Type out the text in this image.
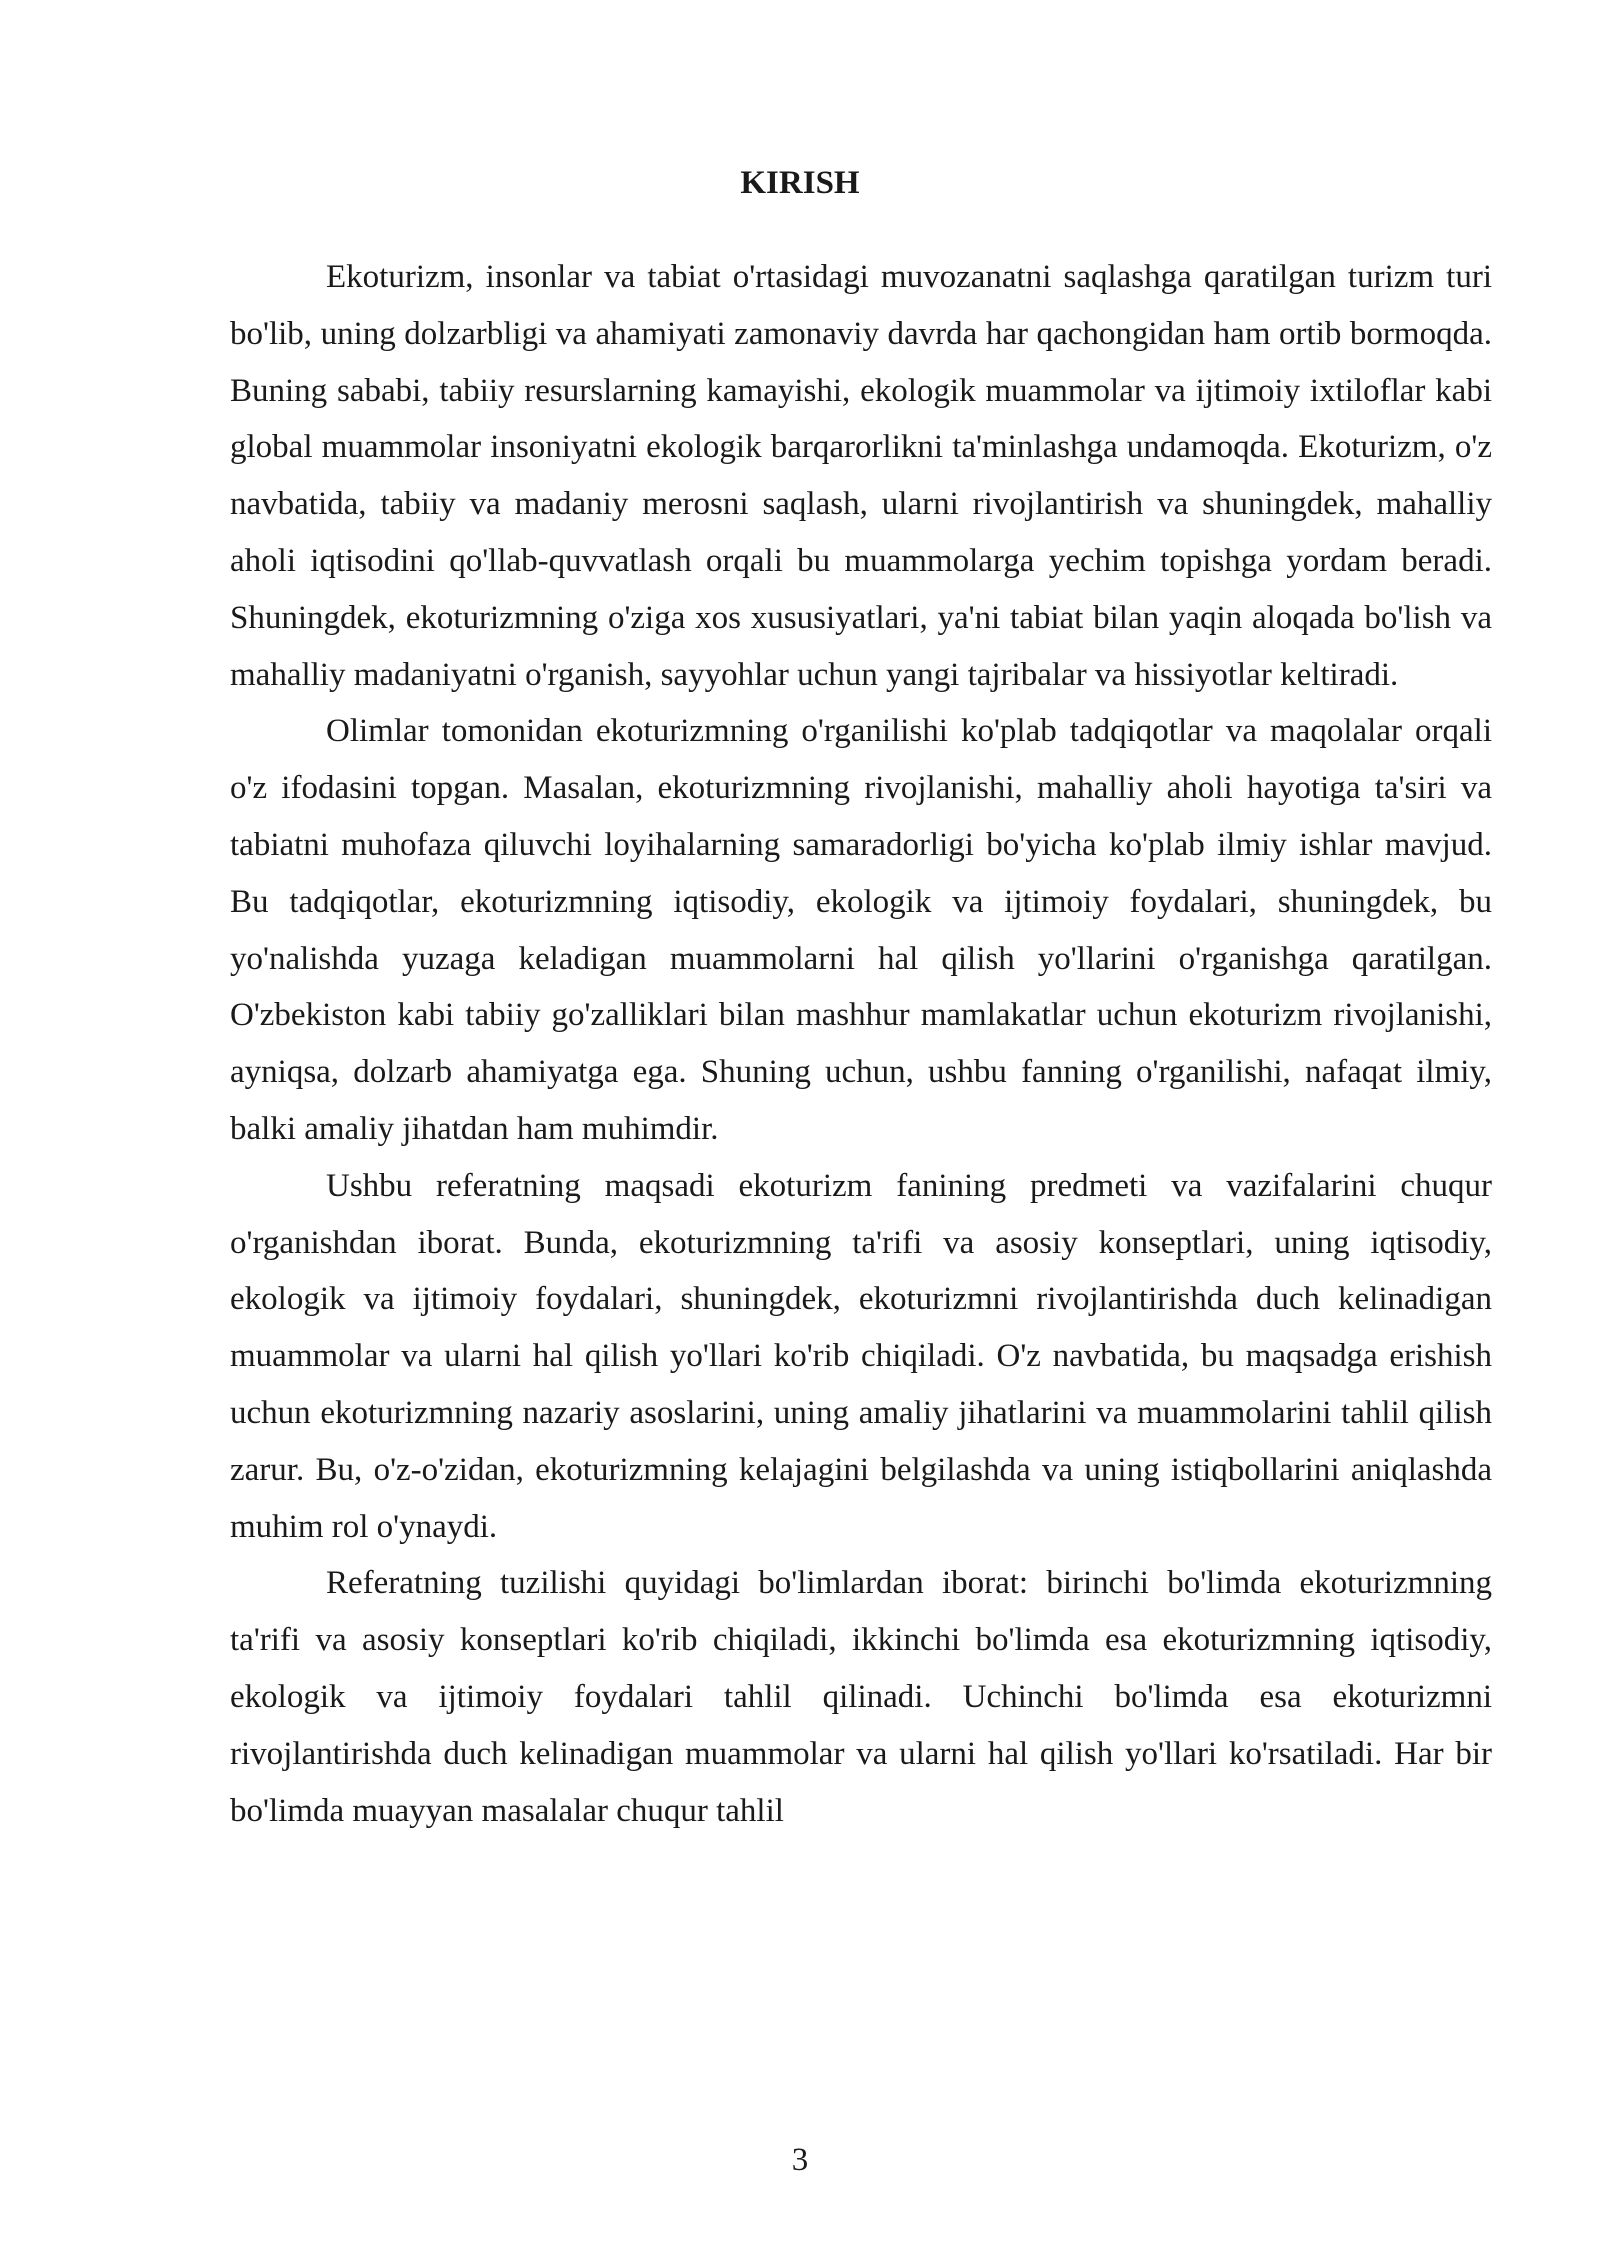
KIRISH

Ekoturizm, insonlar va tabiat o'rtasidagi muvozanatni saqlashga qaratilgan turizm turi bo'lib, uning dolzarbligi va ahamiyati zamonaviy davrda har qachongidan ham ortib bormoqda. Buning sababi, tabiiy resurslarning kamayishi, ekologik muammolar va ijtimoiy ixtiloflar kabi global muammolar insoniyatni ekologik barqarorlikni ta'minlashga undamoqda. Ekoturizm, o'z navbatida, tabiiy va madaniy merosni saqlash, ularni rivojlantirish va shuningdek, mahalliy aholi iqtisodini qo'llab-quvvatlash orqali bu muammolarga yechim topishga yordam beradi. Shuningdek, ekoturizmning o'ziga xos xususiyatlari, ya'ni tabiat bilan yaqin aloqada bo'lish va mahalliy madaniyatni o'rganish, sayyohlar uchun yangi tajribalar va hissiyotlar keltiradi.

Olimlar tomonidan ekoturizmning o'rganilishi ko'plab tadqiqotlar va maqolalar orqali o'z ifodasini topgan. Masalan, ekoturizmning rivojlanishi, mahalliy aholi hayotiga ta'siri va tabiatni muhofaza qiluvchi loyihalarning samaradorligi bo'yicha ko'plab ilmiy ishlar mavjud. Bu tadqiqotlar, ekoturizmning iqtisodiy, ekologik va ijtimoiy foydalari, shuningdek, bu yo'nalishda yuzaga keladigan muammolarni hal qilish yo'llarini o'rganishga qaratilgan. O'zbekiston kabi tabiiy go'zalliklari bilan mashhur mamlakatlar uchun ekoturizm rivojlanishi, ayniqsa, dolzarb ahamiyatga ega. Shuning uchun, ushbu fanning o'rganilishi, nafaqat ilmiy, balki amaliy jihatdan ham muhimdir.

Ushbu referatning maqsadi ekoturizm fanining predmeti va vazifalarini chuqur o'rganishdan iborat. Bunda, ekoturizmning ta'rifi va asosiy konseptlari, uning iqtisodiy, ekologik va ijtimoiy foydalari, shuningdek, ekoturizmni rivojlantirishda duch kelinadigan muammolar va ularni hal qilish yo'llari ko'rib chiqiladi. O'z navbatida, bu maqsadga erishish uchun ekoturizmning nazariy asoslarini, uning amaliy jihatlarini va muammolarini tahlil qilish zarur. Bu, o'z-o'zidan, ekoturizmning kelajagini belgilashda va uning istiqbollarini aniqlashda muhim rol o'ynaydi.

Referatning tuzilishi quyidagi bo'limlardan iborat: birinchi bo'limda ekoturizmning ta'rifi va asosiy konseptlari ko'rib chiqiladi, ikkinchi bo'limda esa ekoturizmning iqtisodiy, ekologik va ijtimoiy foydalari tahlil qilinadi. Uchinchi bo'limda esa ekoturizmni rivojlantirishda duch kelinadigan muammolar va ularni hal qilish yo'llari ko'rsatiladi. Har bir bo'limda muayyan masalalar chuqur tahlil

3
